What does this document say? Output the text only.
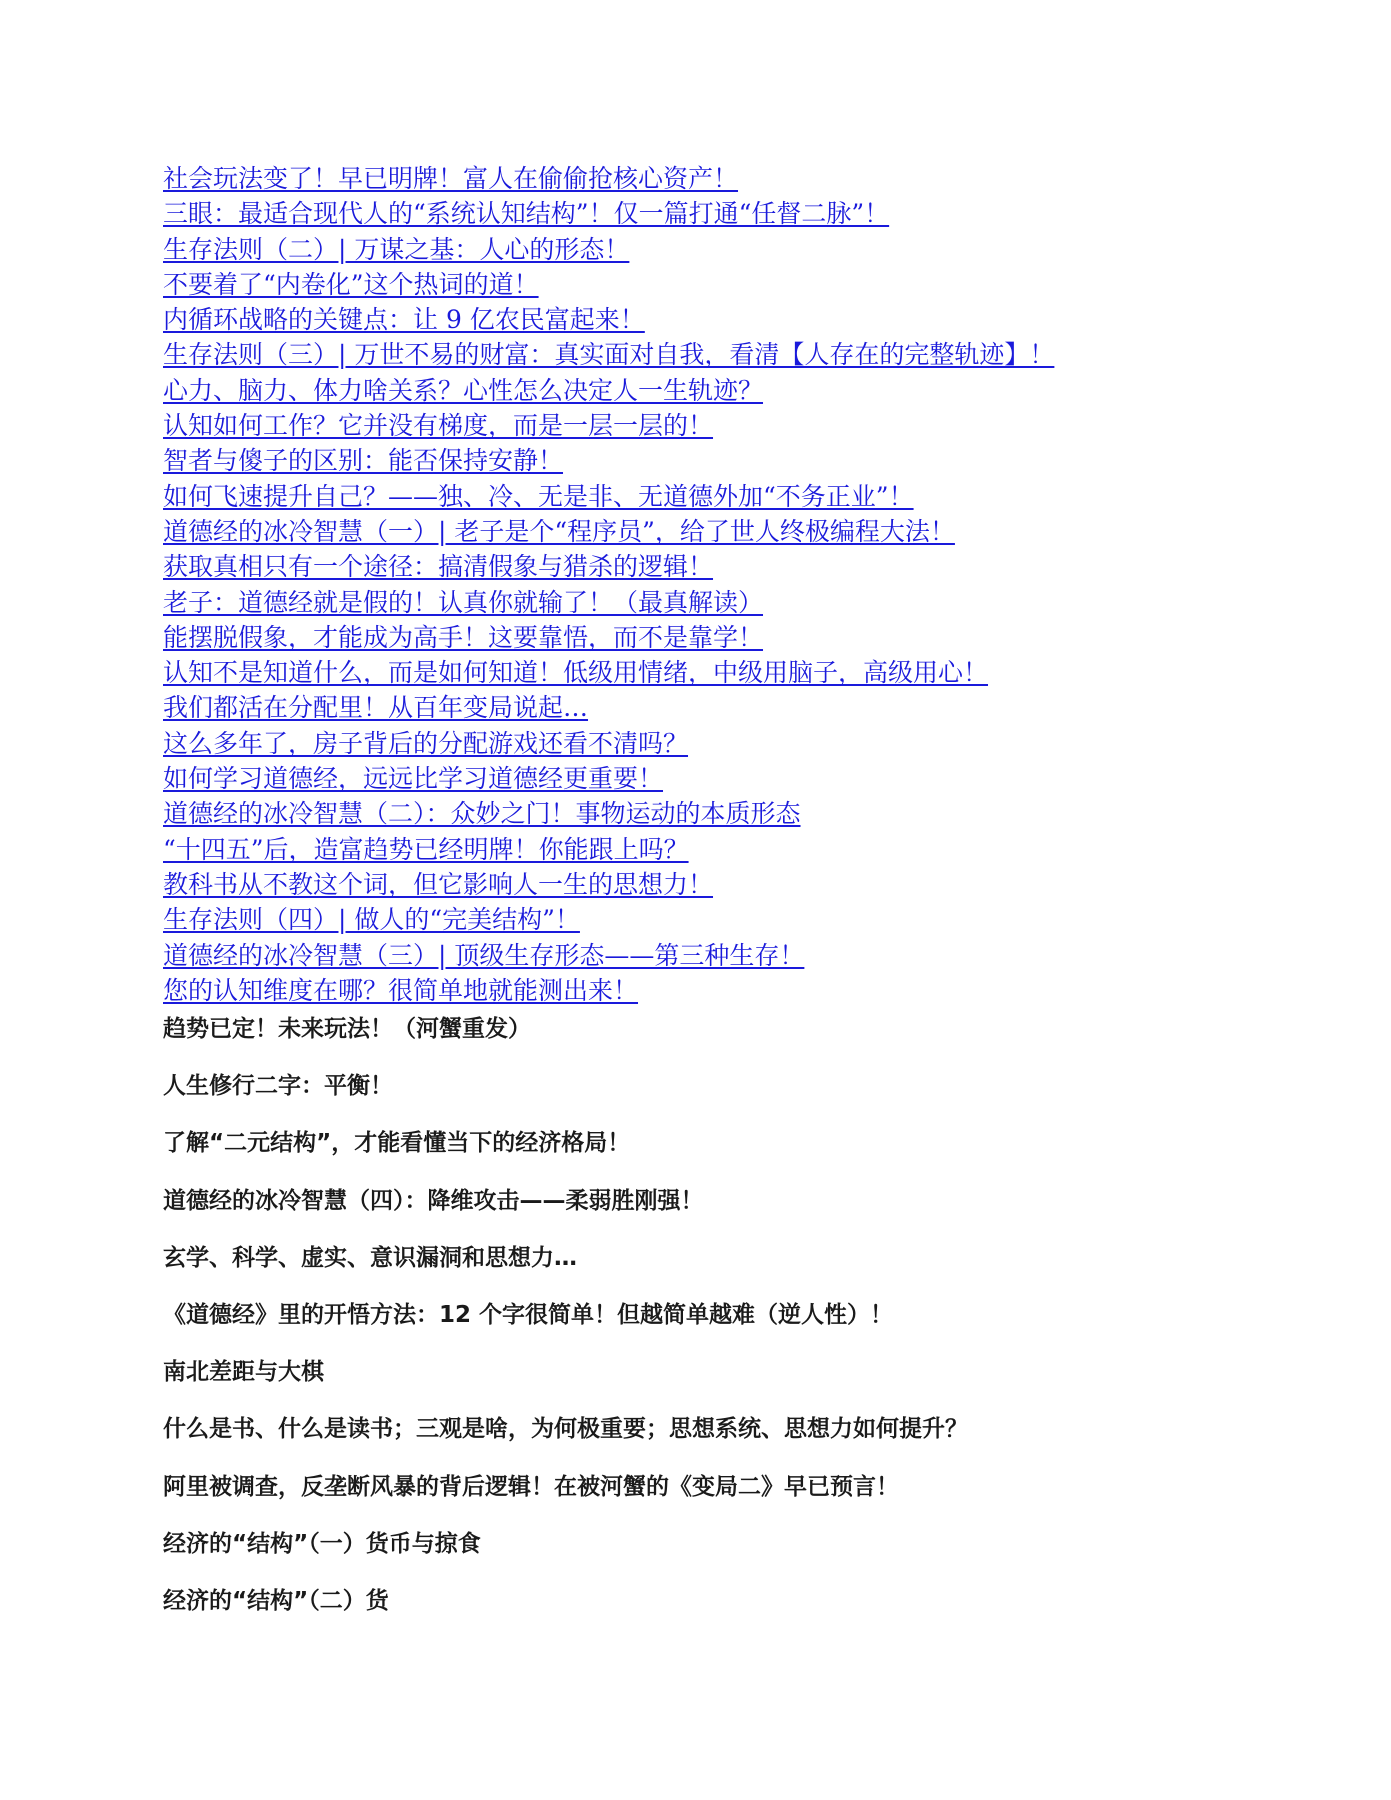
社会玩法变了！早已明牌！富人在偷偷抢核心资产！
三眼：最适合现代人的“系统认知结构”！仅一篇打通“任督二脉”！
生存法则（二）| 万谋之基：人心的形态！
不要着了“内卷化”这个热词的道！
内循环战略的关键点：让 9 亿农民富起来！
生存法则（三）| 万世不易的财富：真实面对自我，看清【人存在的完整轨迹】！
心力、脑力、体力啥关系？心性怎么决定人一生轨迹？
认知如何工作？它并没有梯度，而是一层一层的！
智者与傻子的区别：能否保持安静！
如何飞速提升自己？——独、冷、无是非、无道德外加“不务正业”！
道德经的冰冷智慧（一）| 老子是个“程序员”，给了世人终极编程大法！
获取真相只有一个途径：搞清假象与猎杀的逻辑！
老子：道德经就是假的！认真你就输了！（最真解读）
能摆脱假象，才能成为高手！这要靠悟，而不是靠学！
认知不是知道什么，而是如何知道！低级用情绪，中级用脑子，高级用心！
我们都活在分配里！从百年变局说起…
这么多年了，房子背后的分配游戏还看不清吗？
如何学习道德经，远远比学习道德经更重要！
道德经的冰冷智慧（二）：众妙之门！事物运动的本质形态
“十四五”后，造富趋势已经明牌！你能跟上吗？
教科书从不教这个词，但它影响人一生的思想力！
生存法则（四）| 做人的“完美结构”！
道德经的冰冷智慧（三）| 顶级生存形态——第三种生存！
您的认知维度在哪？很简单地就能测出来！
趋势已定！未来玩法！（河蟹重发）
人生修行二字：平衡！
了解“二元结构”，才能看懂当下的经济格局！
道德经的冰冷智慧（四）：降维攻击——柔弱胜刚强！
玄学、科学、虚实、意识漏洞和思想力…
《道德经》里的开悟方法：12 个字很简单！但越简单越难（逆人性）！
南北差距与大棋
什么是书、什么是读书；三观是啥，为何极重要；思想系统、思想力如何提升？
阿里被调查，反垄断风暴的背后逻辑！在被河蟹的《变局二》早已预言！
经济的“结构”（一）货币与掠食
经济的“结构”（二）货
